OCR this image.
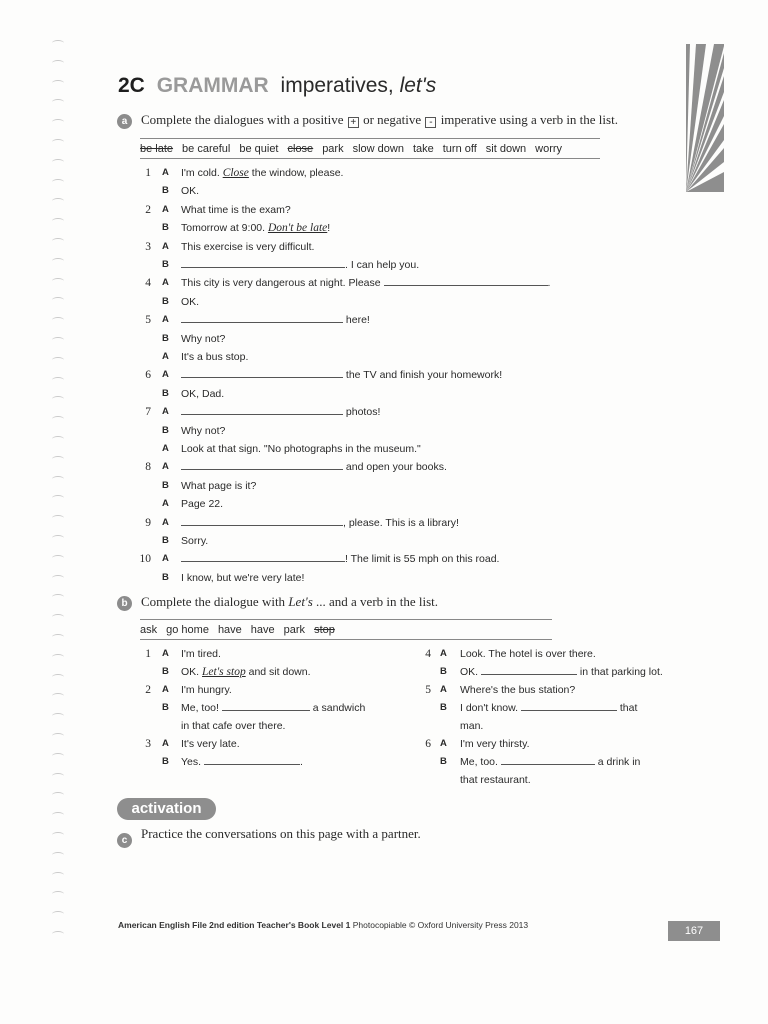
2C GRAMMAR imperatives, let's
a	Complete the dialogues with a positive + or negative - imperative using a verb in the list.
be late be careful be quiet close park slow down take turn off sit down worry
1 A I'm cold. Close the window, please.
B OK.
2 A What time is the exam?
B Tomorrow at 9:00. Don't be late!
3 A This exercise is very difficult.
B	. I can help you.
4 A This city is very dangerous at night. Please	.
B OK.
5 A	here!
B Why not?
A It's a bus stop.
6 A	the TV and finish your homework!
B OK, Dad.
7 A	photos!
B Why not?
A Look at that sign. "No photographs in the museum."
8 A	and open your books.
B What page is it?
A Page 22.
9 A	, please. This is a library!
B Sorry.
10 A	! The limit is 55 mph on this road.
B I know, but we're very late!
b	Complete the dialogue with Let's ... and a verb in the list.
ask go home have have park stop
1 A I'm tired.
B OK. Let's stop and sit down.
2 A I'm hungry.
B Me, too!	a sandwich
in that cafe over there.
3 A It's very late.
B Yes.	.
4 A Look. The hotel is over there.
B OK.	in that parking lot.
5 A Where's the bus station?
B I don't know.	that
man.
6 A I'm very thirsty.
B Me, too.	a drink in
that restaurant.
activation
c	Practice the conversations on this page with a partner.
American English File 2nd edition Teacher's Book Level 1 Photocopiable © Oxford University Press 2013	167
